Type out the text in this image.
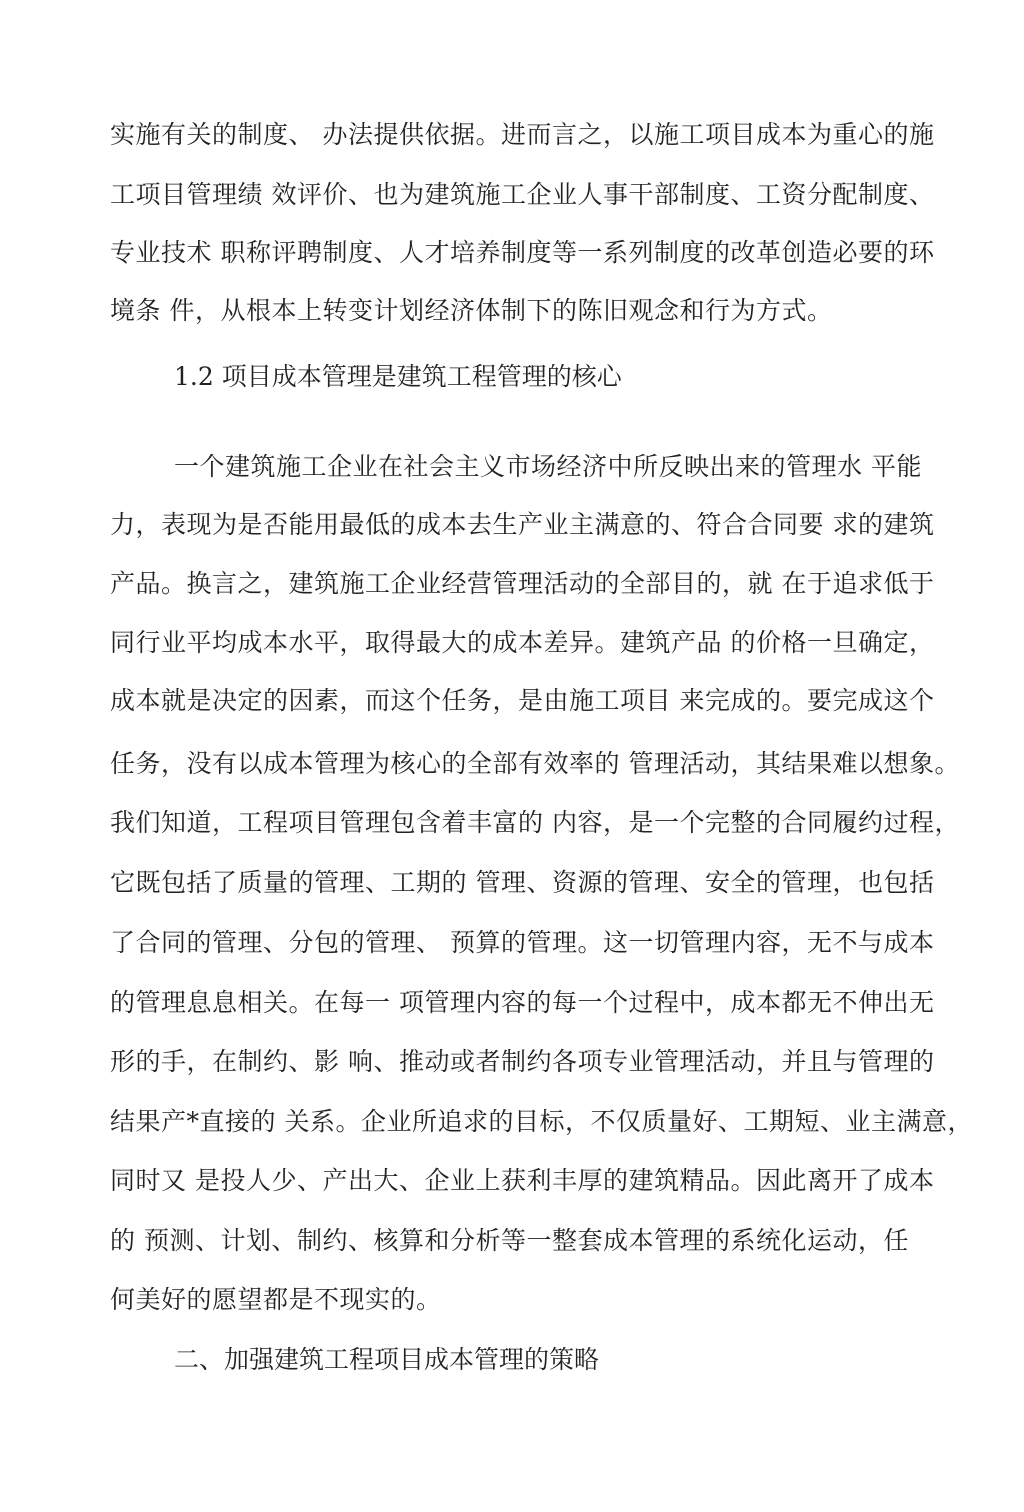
实施有关的制度、 办法提供依据。进而言之，以施工项目成本为重心的施
工项目管理绩 效评价、也为建筑施工企业人事干部制度、工资分配制度、
专业技术 职称评聘制度、人才培养制度等一系列制度的改革创造必要的环
境条 件，从根本上转变计划经济体制下的陈旧观念和行为方式。
1.2 项目成本管理是建筑工程管理的核心
一个建筑施工企业在社会主义市场经济中所反映出来的管理水 平能
力，表现为是否能用最低的成本去生产业主满意的、符合合同要 求的建筑
产品。换言之，建筑施工企业经营管理活动的全部目的，就 在于追求低于
同行业平均成本水平，取得最大的成本差异。建筑产品 的价格一旦确定，
成本就是决定的因素，而这个任务，是由施工项目 来完成的。要完成这个
任务，没有以成本管理为核心的全部有效率的 管理活动，其结果难以想象。
我们知道，工程项目管理包含着丰富的 内容，是一个完整的合同履约过程，
它既包括了质量的管理、工期的 管理、资源的管理、安全的管理，也包括
了合同的管理、分包的管理、 预算的管理。这一切管理内容，无不与成本
的管理息息相关。在每一 项管理内容的每一个过程中，成本都无不伸出无
形的手，在制约、影 响、推动或者制约各项专业管理活动，并且与管理的
结果产*直接的 关系。企业所追求的目标，不仅质量好、工期短、业主满意，
同时又 是投人少、产出大、企业上获利丰厚的建筑精品。因此离开了成本
的 预测、计划、制约、核算和分析等一整套成本管理的系统化运动，任
何美好的愿望都是不现实的。
二、加强建筑工程项目成本管理的策略
